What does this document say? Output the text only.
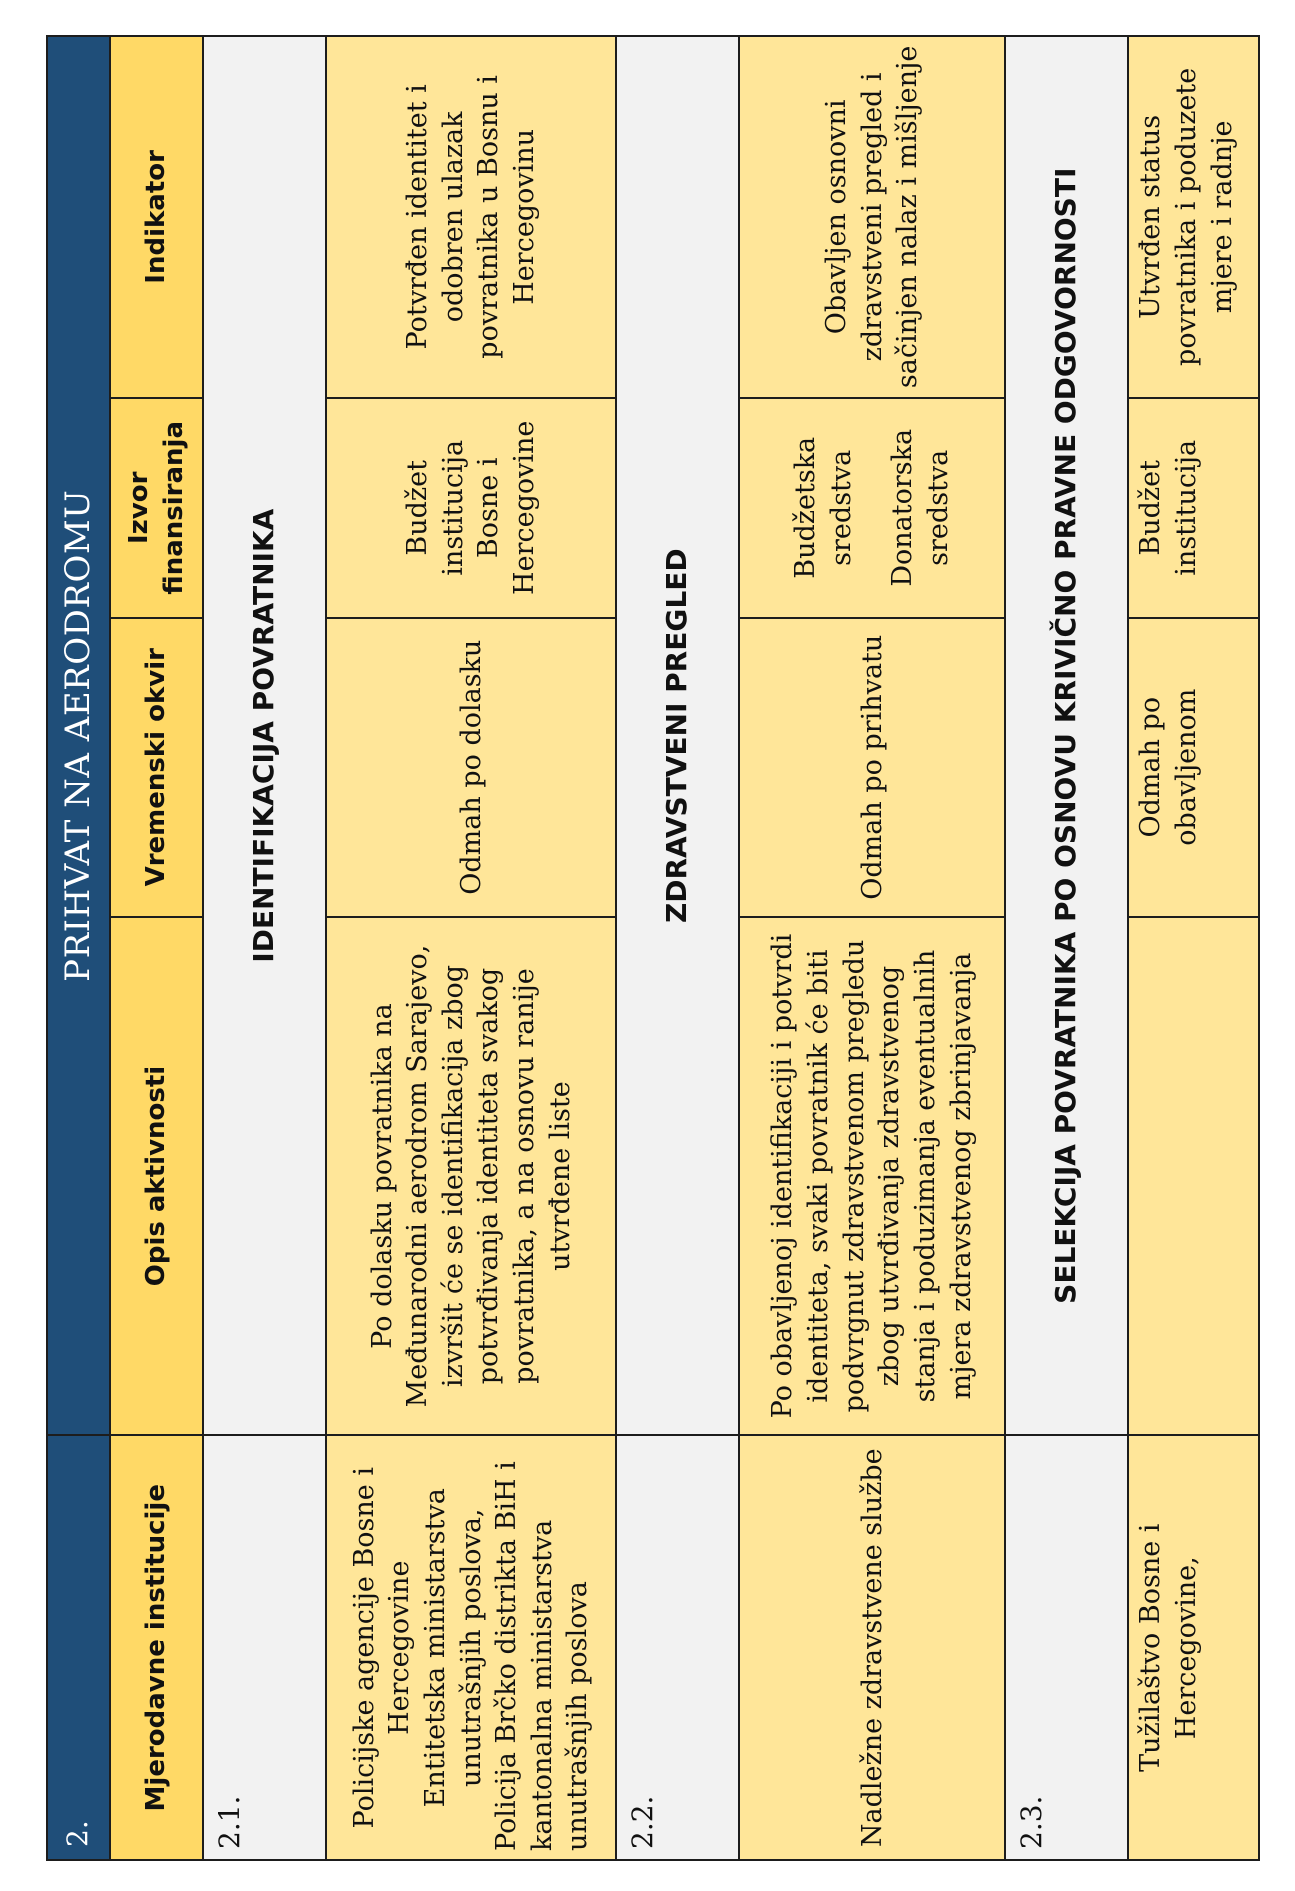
2.	PRIHVAT NA AERODROMU			
Mjerodavne institucije	Opis aktivnosti	Vremenski okvir	Izvor finansiranja	Indikator
2.1.	IDENTIFIKACIJA POVRATNIKA			

Policijske agencije Bosne i Hercegovine Entitetska ministarstva unutrašnjih poslova, Policija Brčko distrikta BiH i kantonalna ministarstva unutrašnjih poslova	Po dolasku povratnika na Međunarodni aerodrom Sarajevo, izvršit će se identifikacija zbog potvrđivanja identiteta svakog povratnika, a na osnovu ranije utvrđene liste	Odmah po dolasku	Budžet institucija Bosne i Hercegovine	Potvrđen identitet i odobren ulazak povratnika u Bosnu i Hercegovinu
2.2.	ZDRAVSTVENI PREGLED			
Nadležne zdravstvene službe	Po obavljenoj identifikaciji i potvrdi identiteta, svaki povratnik će biti podvrgnut zdravstvenom pregledu zbog utvrđivanja zdravstvenog stanja i poduzimanja eventualnih mjera zdravstvenog zbrinjavanja	Odmah po prihvatu	Budžetska sredstva Donatorska sredstva	Obavljen osnovni zdravstveni pregled i sačinjen nalaz i mišljenje
2.3.	SELEKCIJA POVRATNIKA PO OSNOVU KRIVIČNO PRAVNE ODGOVORNOSTI			
Tužilaštvo Bosne i Hercegovine,		Odmah po obavljenom	Budžet institucija	Utvrđen status povratnika i poduzete mjere i radnje
